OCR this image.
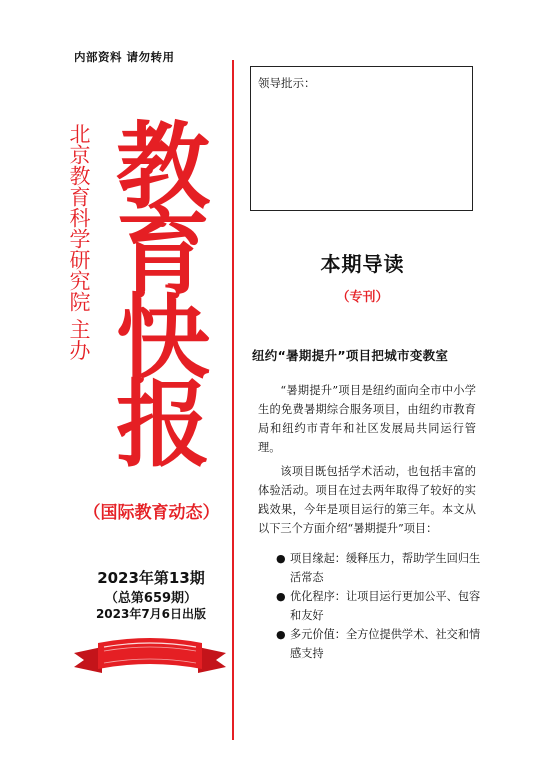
内部资料 请勿转用
北京教育科学研究院 主办 教
育
快
报
（国际教育动态）
2023年第13期
（总第659期）
2023年7月6日出版
领导批示：
本期导读
（专刊）
纽约“暑期提升”项目把城市变教室
“暑期提升”项目是纽约面向全市中小学生的免费暑期综合服务项目，由纽约市教育局和纽约市青年和社区发展局共同运行管理。
该项目既包括学术活动，也包括丰富的体验活动。项目在过去两年取得了较好的实践效果，今年是项目运行的第三年。本文从以下三个方面介绍“暑期提升”项目：
● 项目缘起：缓释压力，帮助学生回归生活常态
● 优化程序：让项目运行更加公平、包容和友好
● 多元价值：全方位提供学术、社交和情感支持
